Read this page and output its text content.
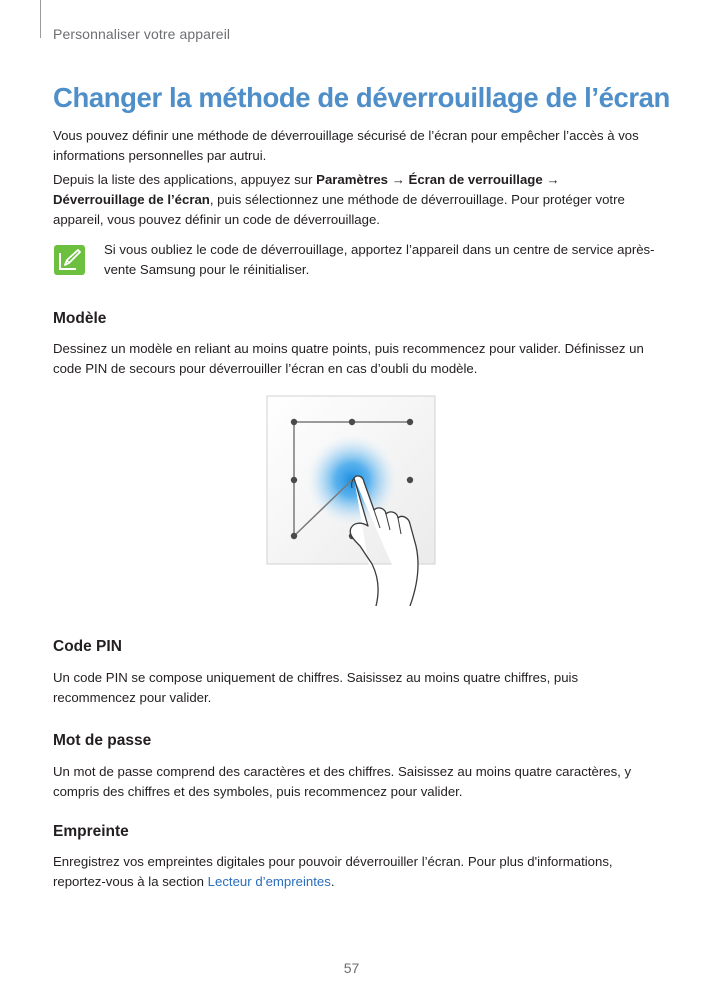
Personnaliser votre appareil
Changer la méthode de déverrouillage de l’écran

Vous pouvez définir une méthode de déverrouillage sécurisé de l’écran pour empêcher l’accès à vos informations personnelles par autrui.

Depuis la liste des applications, appuyez sur Paramètres → Écran de verrouillage → Déverrouillage de l’écran, puis sélectionnez une méthode de déverrouillage. Pour protéger votre appareil, vous pouvez définir un code de déverrouillage.

Si vous oubliez le code de déverrouillage, apportez l’appareil dans un centre de service après-vente Samsung pour le réinitialiser.

Modèle

Dessinez un modèle en reliant au moins quatre points, puis recommencez pour valider. Définissez un code PIN de secours pour déverrouiller l’écran en cas d’oubli du modèle.

Code PIN

Un code PIN se compose uniquement de chiffres. Saisissez au moins quatre chiffres, puis recommencez pour valider.

Mot de passe

Un mot de passe comprend des caractères et des chiffres. Saisissez au moins quatre caractères, y compris des chiffres et des symboles, puis recommencez pour valider.

Empreinte

Enregistrez vos empreintes digitales pour pouvoir déverrouiller l’écran. Pour plus d'informations, reportez-vous à la section Lecteur d’empreintes.

57
